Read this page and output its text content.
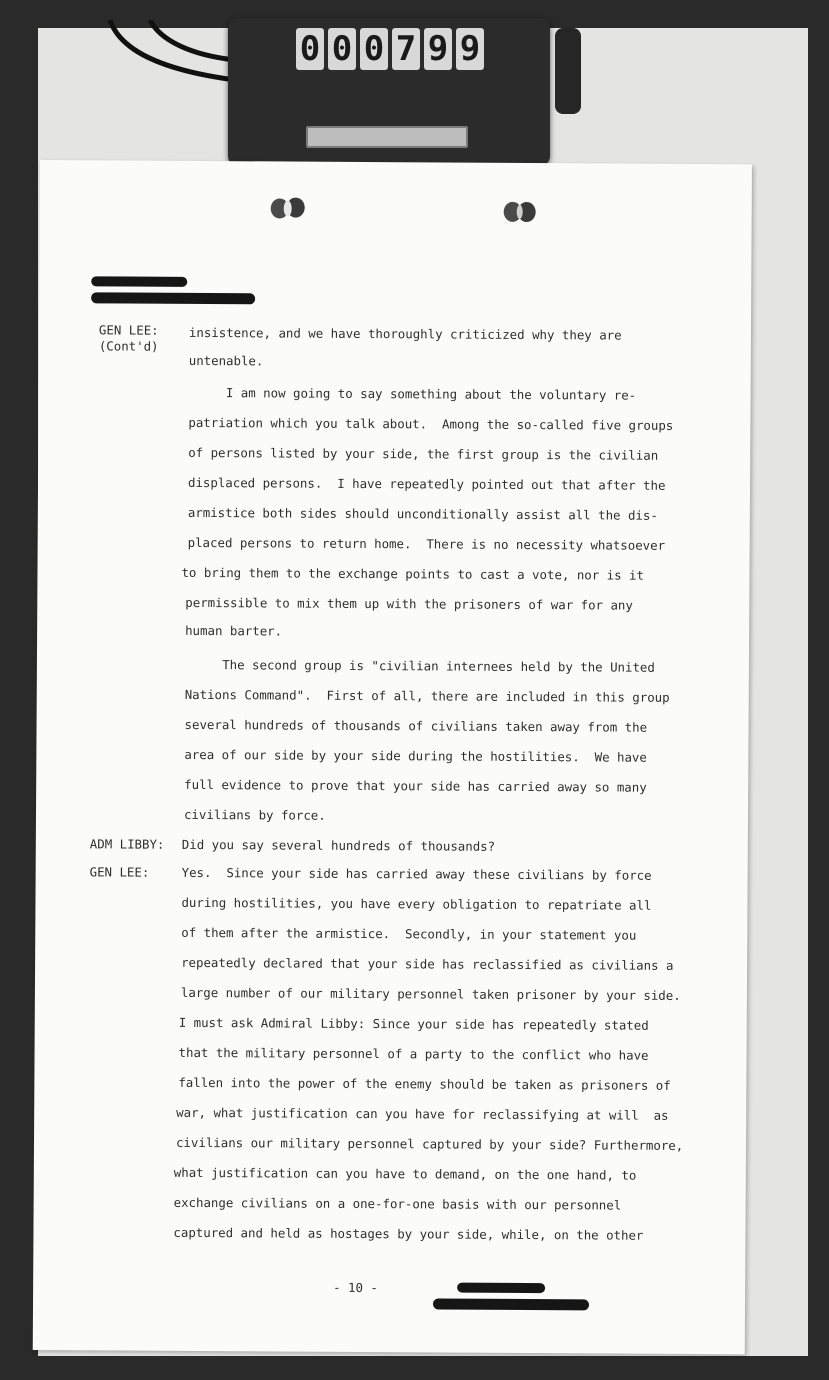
0 0 0 7 9 9

GEN LEE:

(Cont'd)

insistence, and we have thoroughly criticized why they are

untenable.

I am now going to say something about the voluntary re-

patriation which you talk about.  Among the so-called five groups

of persons listed by your side, the first group is the civilian

displaced persons.  I have repeatedly pointed out that after the

armistice both sides should unconditionally assist all the dis-

placed persons to return home.  There is no necessity whatsoever

to bring them to the exchange points to cast a vote, nor is it

permissible to mix them up with the prisoners of war for any

human barter.

The second group is "civilian internees held by the United

Nations Command".  First of all, there are included in this group

several hundreds of thousands of civilians taken away from the

area of our side by your side during the hostilities.  We have

full evidence to prove that your side has carried away so many

civilians by force.

ADM LIBBY:

Did you say several hundreds of thousands?

GEN LEE:

	Yes.  Since your side has carried away these civilians by force

during hostilities, you have every obligation to repatriate all

of them after the armistice.  Secondly, in your statement you

repeatedly declared that your side has reclassified as civilians a

large number of our military personnel taken prisoner by your side.

I must ask Admiral Libby: Since your side has repeatedly stated

that the military personnel of a party to the conflict who have

fallen into the power of the enemy should be taken as prisoners of

war, what justification can you have for reclassifying at will  as

civilians our military personnel captured by your side? Furthermore,

what justification can you have to demand, on the one hand, to

exchange civilians on a one-for-one basis with our personnel

captured and held as hostages by your side, while, on the other

- 10 -
